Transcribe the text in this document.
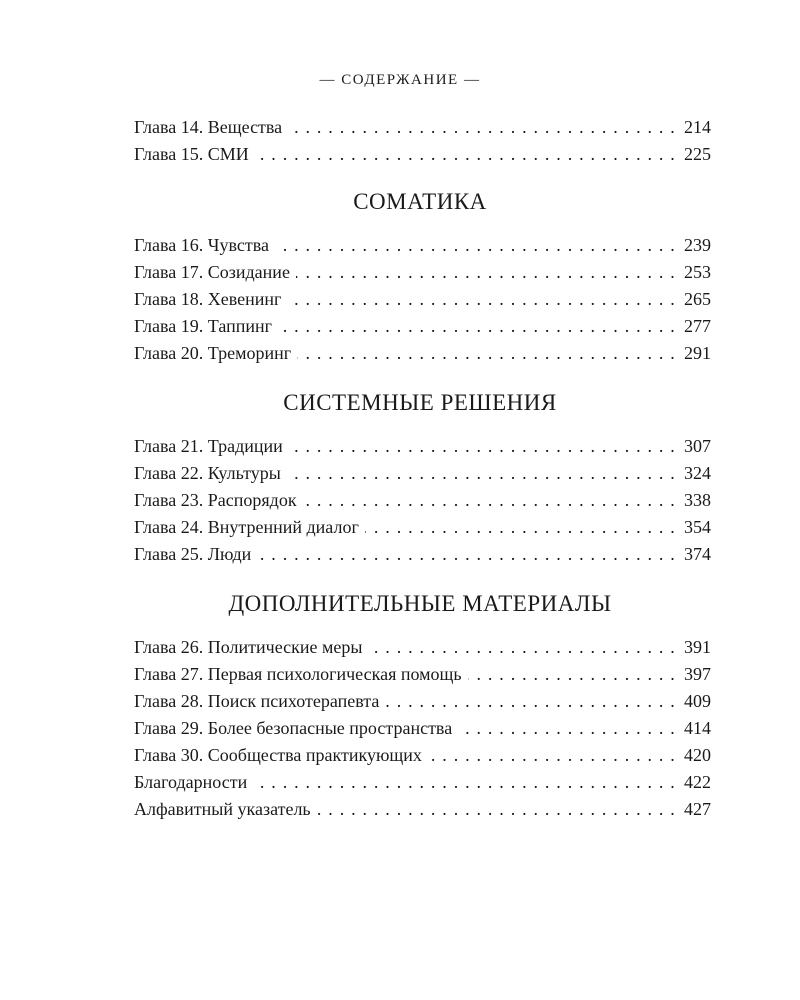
— СОДЕРЖАНИЕ —
Глава 14. Вещества . . .	214
Глава 15. СМИ . . .	225
СОМАТИКА
Глава 16. Чувства . . .	239
Глава 17. Созидание . . .	253
Глава 18. Хевенинг . . .	265
Глава 19. Таппинг . . .	277
Глава 20. Треморинг . . .	291
СИСТЕМНЫЕ РЕШЕНИЯ
Глава 21. Традиции . . .	307
Глава 22. Культуры . . .	324
Глава 23. Распорядок . . .	338
Глава 24. Внутренний диалог . . .	354
Глава 25. Люди . . .	374
ДОПОЛНИТЕЛЬНЫЕ МАТЕРИАЛЫ
Глава 26. Политические меры . . .	391
Глава 27. Первая психологическая помощь . . .	397
Глава 28. Поиск психотерапевта . . .	409
Глава 29. Более безопасные пространства . . .	414
Глава 30. Сообщества практикующих . . .	420
Благодарности . . .	422
Алфавитный указатель . . .	427
